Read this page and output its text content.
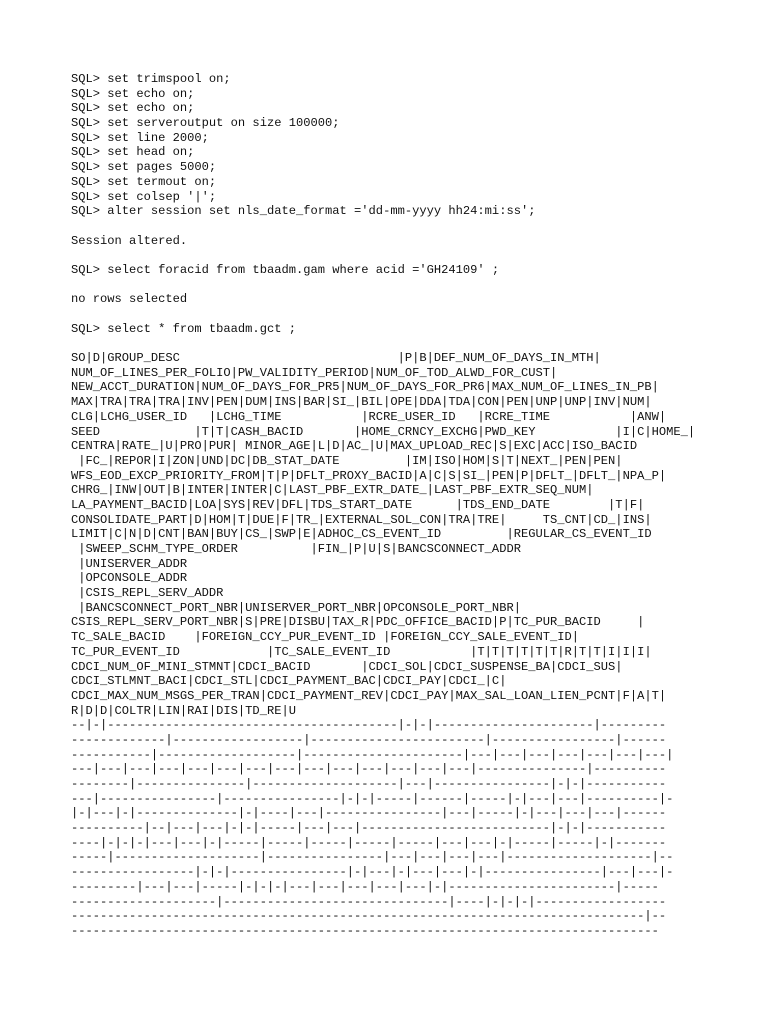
SQL> set trimspool on;
SQL> set echo on;
SQL> set echo on;
SQL> set serveroutput on size 100000;
SQL> set line 2000;
SQL> set head on;
SQL> set pages 5000;
SQL> set termout on;
SQL> set colsep '|';
SQL> alter session set nls_date_format ='dd-mm-yyyy hh24:mi:ss';
Session altered.
SQL> select foracid from tbaadm.gam where acid ='GH24109' ;
no rows selected
SQL> select * from tbaadm.gct ;
SO|D|GROUP_DESC                              |P|B|DEF_NUM_OF_DAYS_IN_MTH|
NUM_OF_LINES_PER_FOLIO|PW_VALIDITY_PERIOD|NUM_OF_TOD_ALWD_FOR_CUST|
NEW_ACCT_DURATION|NUM_OF_DAYS_FOR_PR5|NUM_OF_DAYS_FOR_PR6|MAX_NUM_OF_LINES_IN_PB|
MAX|TRA|TRA|TRA|INV|PEN|DUM|INS|BAR|SI_|BIL|OPE|DDA|TDA|CON|PEN|UNP|UNP|INV|NUM|
CLG|LCHG_USER_ID   |LCHG_TIME           |RCRE_USER_ID   |RCRE_TIME           |ANW|
SEED             |T|T|CASH_BACID       |HOME_CRNCY_EXCHG|PWD_KEY           |I|C|HOME_|
CENTRA|RATE_|U|PRO|PUR| MINOR_AGE|L|D|AC_|U|MAX_UPLOAD_REC|S|EXC|ACC|ISO_BACID
|FC_|REPOR|I|ZON|UND|DC|DB_STAT_DATE         |IM|ISO|HOM|S|T|NEXT_|PEN|PEN|
WFS_EOD_EXCP_PRIORITY_FROM|T|P|DFLT_PROXY_BACID|A|C|S|SI_|PEN|P|DFLT_|DFLT_|NPA_P|
CHRG_|INW|OUT|B|INTER|INTER|C|LAST_PBF_EXTR_DATE_|LAST_PBF_EXTR_SEQ_NUM|
LA_PAYMENT_BACID|LOA|SYS|REV|DFL|TDS_START_DATE      |TDS_END_DATE        |T|F|
CONSOLIDATE_PART|D|HOM|T|DUE|F|TR_|EXTERNAL_SOL_CON|TRA|TRE|     TS_CNT|CD_|INS|
LIMIT|C|N|D|CNT|BAN|BUY|CS_|SWP|E|ADHOC_CS_EVENT_ID         |REGULAR_CS_EVENT_ID
|SWEEP_SCHM_TYPE_ORDER          |FIN_|P|U|S|BANCSCONNECT_ADDR
|UNISERVER_ADDR
|OPCONSOLE_ADDR
|CSIS_REPL_SERV_ADDR
|BANCSCONNECT_PORT_NBR|UNISERVER_PORT_NBR|OPCONSOLE_PORT_NBR|
CSIS_REPL_SERV_PORT_NBR|S|PRE|DISBU|TAX_R|PDC_OFFICE_BACID|P|TC_PUR_BACID     |
TC_SALE_BACID    |FOREIGN_CCY_PUR_EVENT_ID |FOREIGN_CCY_SALE_EVENT_ID|
TC_PUR_EVENT_ID            |TC_SALE_EVENT_ID           |T|T|T|T|T|T|R|T|T|I|I|I|
CDCI_NUM_OF_MINI_STMNT|CDCI_BACID       |CDCI_SOL|CDCI_SUSPENSE_BA|CDCI_SUS|
CDCI_STLMNT_BACI|CDCI_STL|CDCI_PAYMENT_BAC|CDCI_PAY|CDCI_|C|
CDCI_MAX_NUM_MSGS_PER_TRAN|CDCI_PAYMENT_REV|CDCI_PAY|MAX_SAL_LOAN_LIEN_PCNT|F|A|T|
R|D|D|COLTR|LIN|RAI|DIS|TD_RE|U
--|-|----------------------------------------|-|-|----------------------|---------
-------------|------------------|------------------------|-----------------|------
-----------|-------------------|----------------------|---|---|---|---|---|---|---|
---|---|---|---|---|---|---|---|---|---|---|---|---|---|---------------|----------
--------|---------------|--------------------|---|----------------|-|-|-----------
---|----------------|----------------|-|-|-----|------|-----|-|---|---|----------|-
|-|---|-|--------------|-|----|---|----------------|---|-----|-|---|---|---|------
----------|--|---|---|-|-|-----|---|---|--------------------------|-|-|-----------
----|-|-|-|---|---|-|-----|-----|-----|-----|-----|---|---|-|-----|-----|-|-------
-----|--------------------|----------------|---|---|---|---|--------------------|--
-----------------|-|-|----------------|-|---|-|---|---|-|----------------|---|---|-
---------|---|---|-----|-|-|-|---|---|---|---|---|-|-----------------------|-----
--------------------|-------------------------------|----|-|-|-|------------------
-------------------------------------------------------------------------------|--
---------------------------------------------------------------------------------
